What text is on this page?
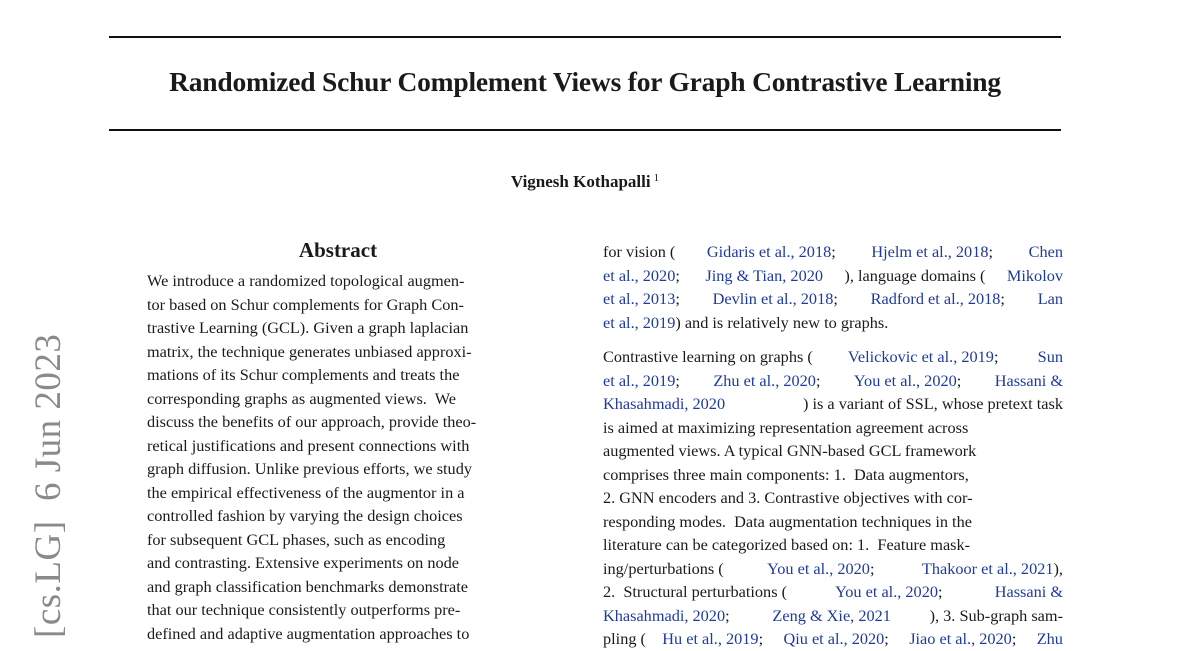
Randomized Schur Complement Views for Graph Contrastive Learning
Vignesh Kothapalli $^1$
[cs.LG]  6 Jun 2023
Abstract
We introduce a randomized topological augmen-
tor based on Schur complements for Graph Con-
trastive Learning (GCL). Given a graph laplacian
matrix, the technique generates unbiased approxi-
mations of its Schur complements and treats the
corresponding graphs as augmented views.  We
discuss the benefits of our approach, provide theo-
retical justifications and present connections with
graph diffusion. Unlike previous efforts, we study
the empirical effectiveness of the augmentor in a
controlled fashion by varying the design choices
for subsequent GCL phases, such as encoding
and contrasting. Extensive experiments on node
and graph classification benchmarks demonstrate
that our technique consistently outperforms pre-
defined and adaptive augmentation approaches to
for vision ( Gidaris et al., 2018; Hjelm et al., 2018; Chen
et al., 2020; Jing & Tian, 2020 ), language domains ( Mikolov
et al., 2013; Devlin et al., 2018; Radford et al., 2018; Lan
et al., 2019) and is relatively new to graphs.
Contrastive learning on graphs ( Velickovic et al., 2019; Sun
et al., 2019; Zhu et al., 2020; You et al., 2020; Hassani &
Khasahmadi, 2020	) is a variant of SSL, whose pretext task
is aimed at maximizing representation agreement across
augmented views. A typical GNN-based GCL framework
comprises three main components: 1.  Data augmentors,
2. GNN encoders and 3. Contrastive objectives with cor-
responding modes.  Data augmentation techniques in the
literature can be categorized based on: 1.  Feature mask-
ing/perturbations (	You et al., 2020;	Thakoor et al., 2021),
2.  Structural perturbations (	You et al., 2020;	Hassani &
Khasahmadi, 2020; Zeng & Xie, 2021 ), 3. Sub-graph sam-
pling ( Hu et al., 2019; Qiu et al., 2020; Jiao et al., 2020; Zhu
